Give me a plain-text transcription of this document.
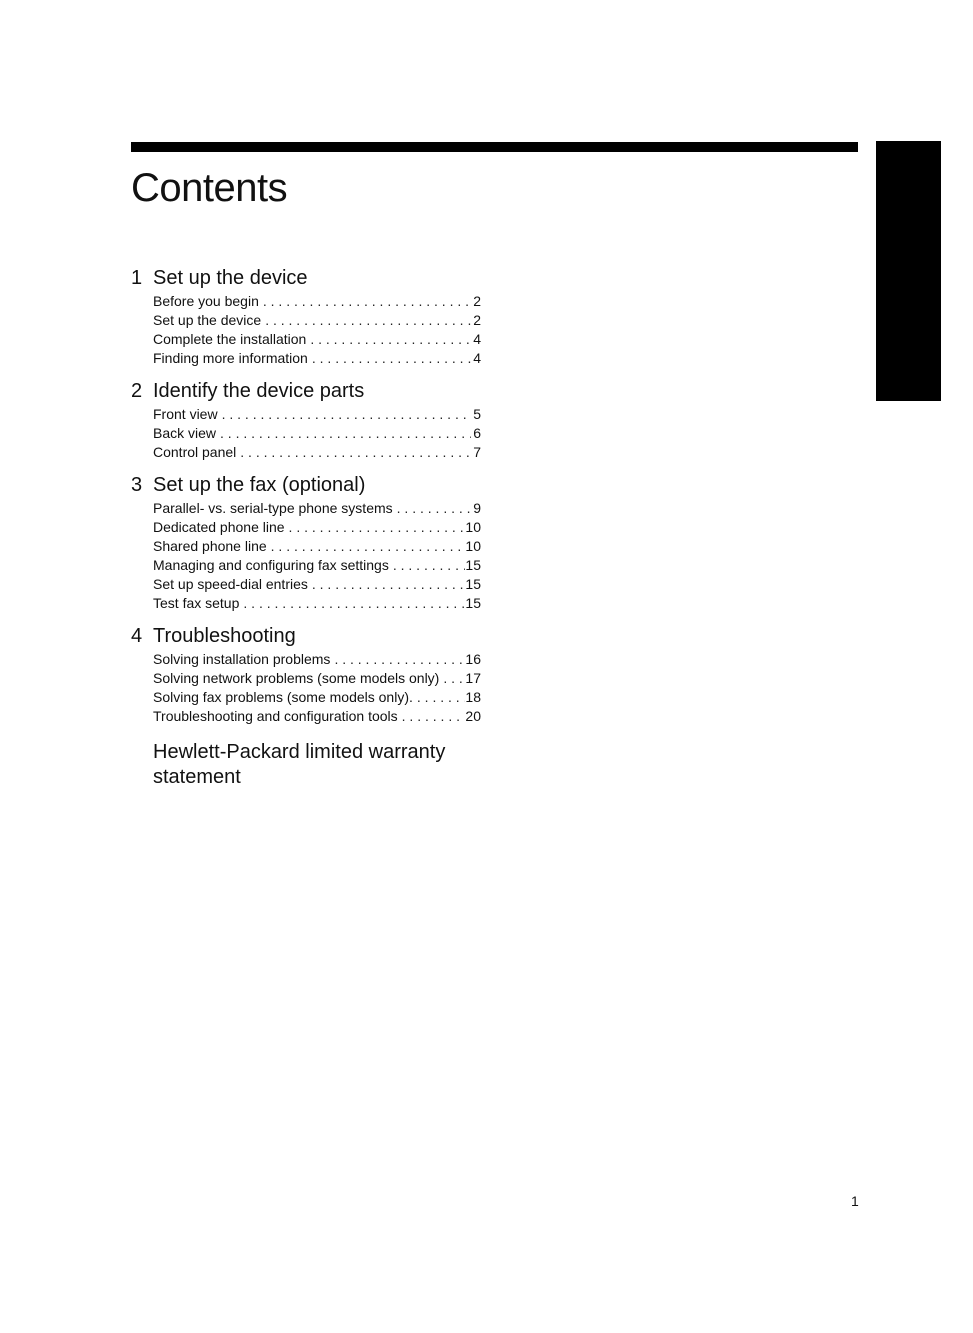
English
Contents
1 Set up the device
Before you begin . . .	2
Set up the device . . .	2
Complete the installation . . .	4
Finding more information . . .	4
2 Identify the device parts
Front view . . .	5
Back view . . .	6
Control panel . . .	7
3 Set up the fax (optional)
Parallel- vs. serial-type phone systems . . .	9
Dedicated phone line . . .	10
Shared phone line . . .	10
Managing and configuring fax settings . . .	15
Set up speed-dial entries . . .	15
Test fax setup . . .	15
4 Troubleshooting
Solving installation problems . . .	16
Solving network problems (some models only) . . . 17
Solving fax problems (some models only). . . .	18
Troubleshooting and configuration tools . . .	20
Hewlett-Packard limited warranty statement
1
